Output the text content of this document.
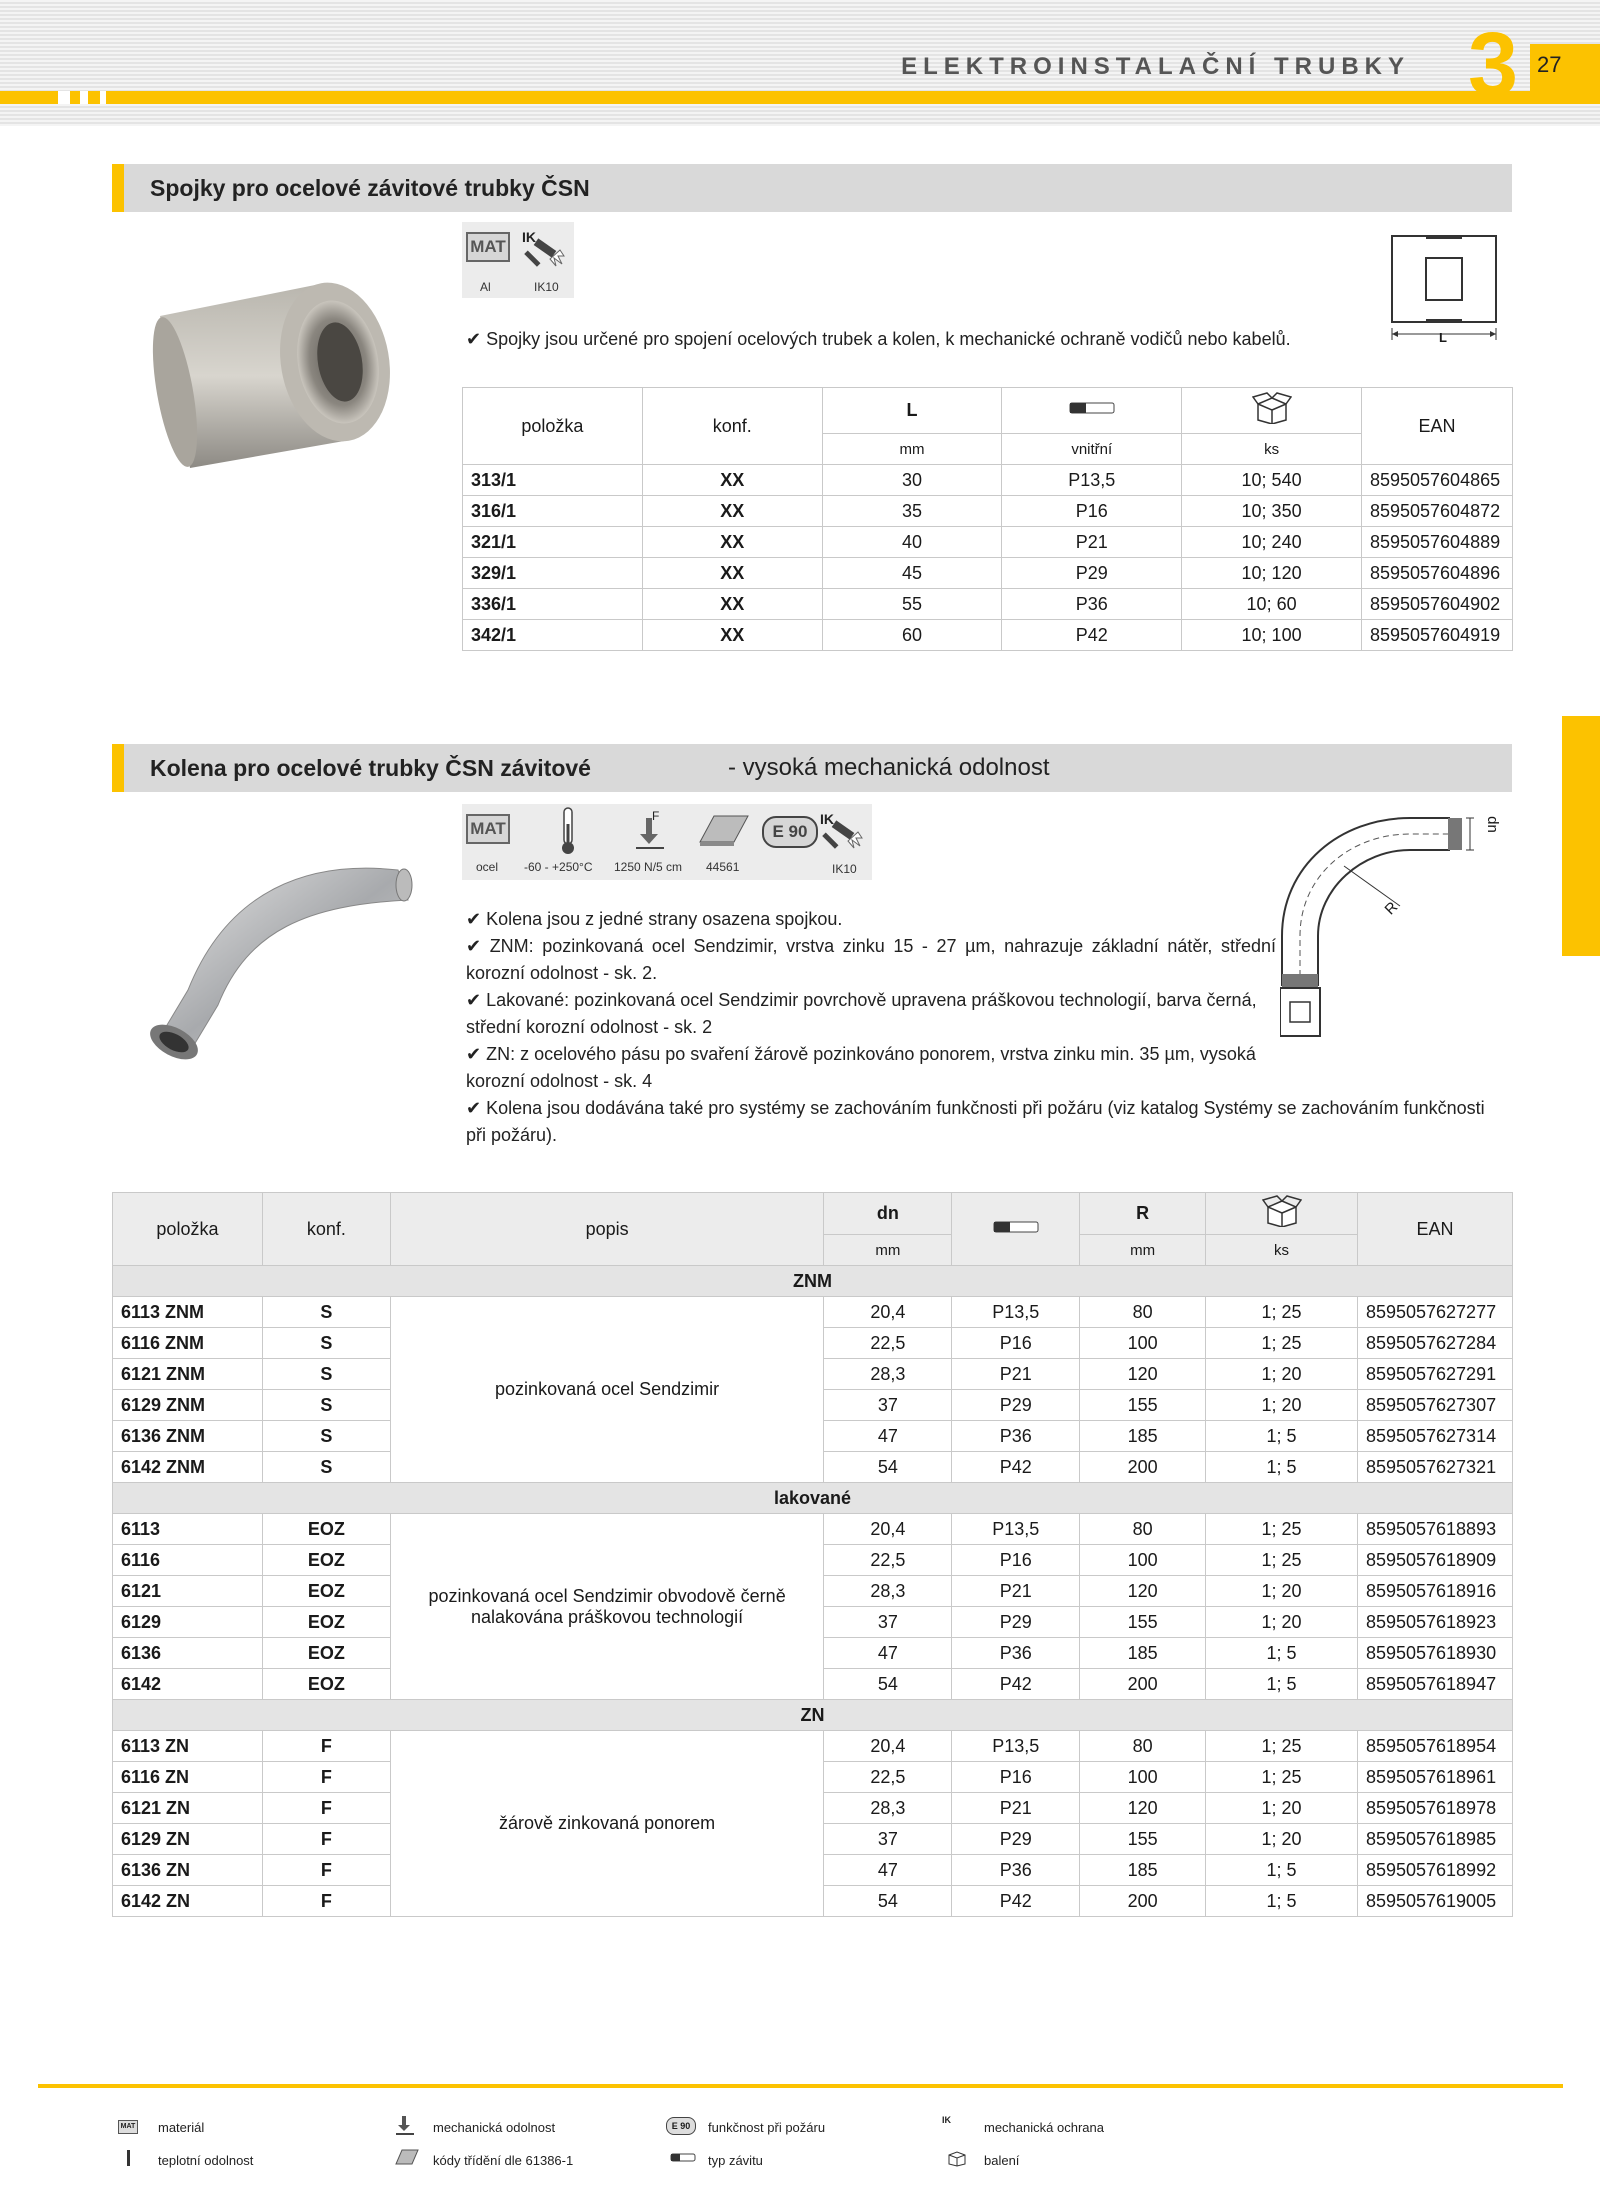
ELEKTROINSTALAČNÍ TRUBKY 3 27
Spojky pro ocelové závitové trubky ČSN
MAT
Al
IK
IK10
L
✔ Spojky jsou určené pro spojení ocelových trubek a kolen, k mechanické ochraně vodičů nebo kabelů.
položka	konf.	L			EAN
		mm	vnitřní	ks	
313/1	XX	30	P13,5	10; 540	8595057604865
316/1	XX	35	P16	10; 350	8595057604872
321/1	XX	40	P21	10; 240	8595057604889
329/1	XX	45	P29	10; 120	8595057604896
336/1	XX	55	P36	10; 60	8595057604902
342/1	XX	60	P42	10; 100	8595057604919
Kolena pro ocelové trubky ČSN závitové	- vysoká mechanická odolnost
MAT
ocel -60 - +250°C
F
1250 N/5 cm 44561
E 90
IK
IK10
dn
R
✔ Kolena jsou z jedné strany osazena spojkou.
✔ ZNM: pozinkovaná ocel Sendzimir, vrstva zinku 15 - 27 µm, nahrazuje základní nátěr, střední
korozní odolnost - sk. 2.
✔ Lakované: pozinkovaná ocel Sendzimir povrchově upravena práškovou technologií, barva černá,
střední korozní odolnost - sk. 2
✔ ZN: z ocelového pásu po svaření žárově pozinkováno ponorem, vrstva zinku min. 35 µm, vysoká
korozní odolnost - sk. 4
✔ Kolena jsou dodávána také pro systémy se zachováním funkčnosti při požáru (viz katalog Systémy se zachováním funkčnosti
při požáru).
položka	konf.	popis	dn		R		EAN
			mm		mm	ks	
ZNM							
6113 ZNM	S	pozinkovaná ocel Sendzimir	20,4	P13,5	80	1; 25	8595057627277
6116 ZNM	S		22,5	P16	100	1; 25	8595057627284
6121 ZNM	S		28,3	P21	120	1; 20	8595057627291
6129 ZNM	S		37	P29	155	1; 20	8595057627307
6136 ZNM	S		47	P36	185	1; 5	8595057627314
6142 ZNM	S		54	P42	200	1; 5	8595057627321
lakované							
6113	EOZ	pozinkovaná ocel Sendzimir obvodově černě nalakována práškovou technologií	20,4	P13,5	80	1; 25	8595057618893
6116	EOZ		22,5	P16	100	1; 25	8595057618909
6121	EOZ		28,3	P21	120	1; 20	8595057618916
6129	EOZ		37	P29	155	1; 20	8595057618923
6136	EOZ		47	P36	185	1; 5	8595057618930
6142	EOZ		54	P42	200	1; 5	8595057618947
ZN							
6113 ZN	F	žárově zinkovaná ponorem	20,4	P13,5	80	1; 25	8595057618954
6116 ZN	F		22,5	P16	100	1; 25	8595057618961
6121 ZN	F		28,3	P21	120	1; 20	8595057618978
6129 ZN	F		37	P29	155	1; 20	8595057618985
6136 ZN	F		47	P36	185	1; 5	8595057618992
6142 ZN	F		54	P42	200	1; 5	8595057619005
MAT materiál
teplotní odolnost
mechanická odolnost
kódy třídění dle 61386-1
E 90	funkčnost při požáru
typ závitu
IK	mechanická ochrana
balení
